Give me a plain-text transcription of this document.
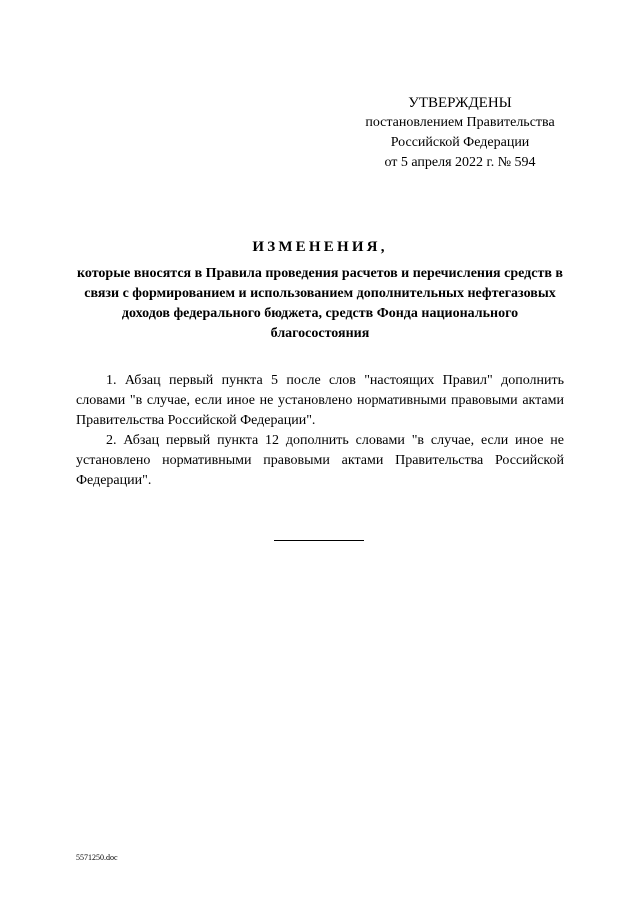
УТВЕРЖДЕНЫ
постановлением Правительства
Российской Федерации
от 5 апреля 2022 г. № 594
ИЗМЕНЕНИЯ,
которые вносятся в Правила проведения расчетов и перечисления средств в связи с формированием и использованием дополнительных нефтегазовых доходов федерального бюджета, средств Фонда национального благосостояния

1. Абзац первый пункта 5 после слов "настоящих Правил" дополнить словами "в случае, если иное не установлено нормативными правовыми актами Правительства Российской Федерации".

2. Абзац первый пункта 12 дополнить словами "в случае, если иное не установлено нормативными правовыми актами Правительства Российской Федерации".

5571250.doc
